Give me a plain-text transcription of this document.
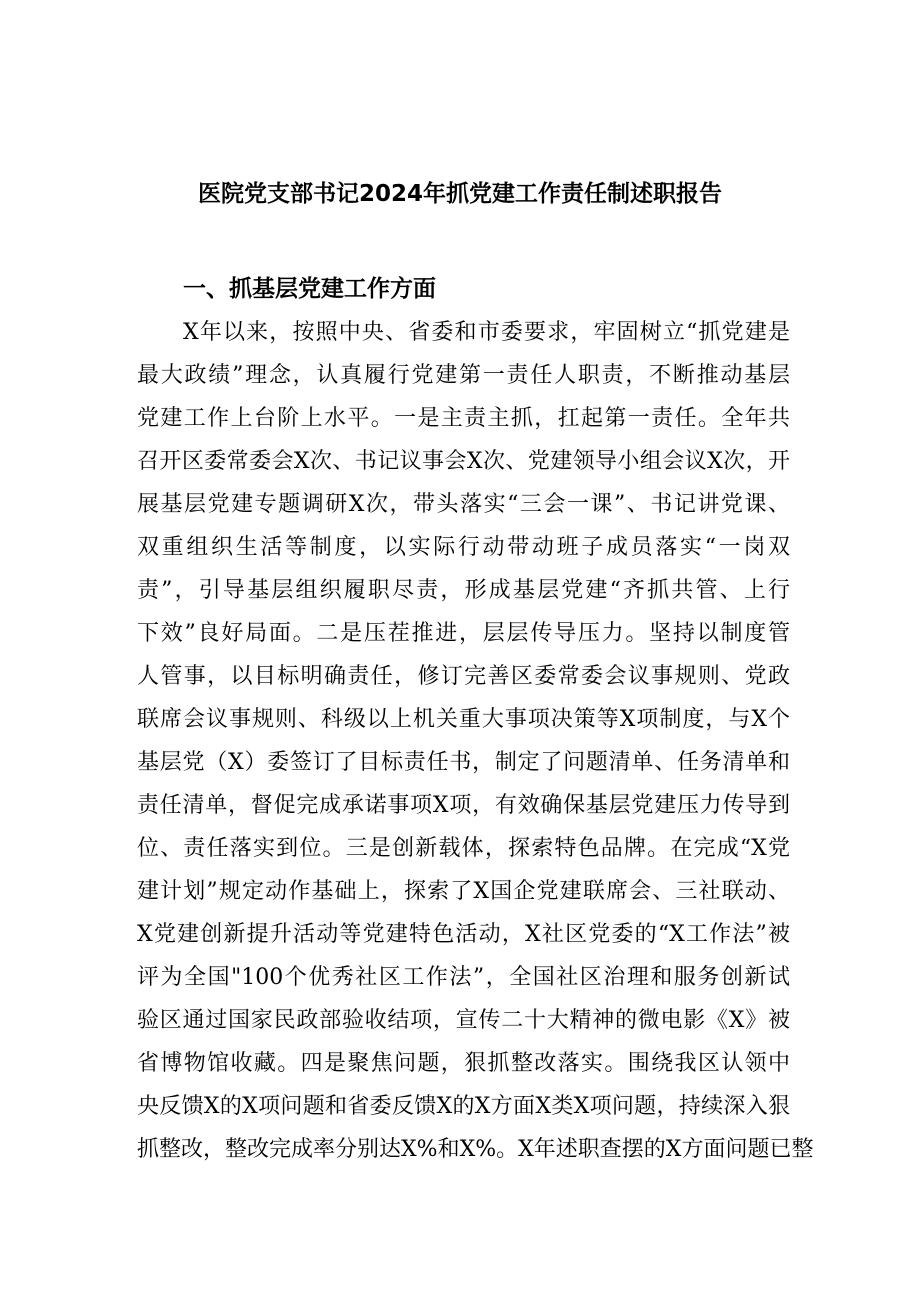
医院党支部书记2024年抓党建工作责任制述职报告
一、抓基层党建工作方面
X年以来，按照中央、省委和市委要求，牢固树立“抓党建是
最大政绩”理念，认真履行党建第一责任人职责，不断推动基层
党建工作上台阶上水平。一是主责主抓，扛起第一责任。全年共
召开区委常委会X次、书记议事会X次、党建领导小组会议X次，开
展基层党建专题调研X次，带头落实“三会一课”、书记讲党课、
双重组织生活等制度，以实际行动带动班子成员落实“一岗双
责”，引导基层组织履职尽责，形成基层党建“齐抓共管、上行
下效”良好局面。二是压茬推进，层层传导压力。坚持以制度管
人管事，以目标明确责任，修订完善区委常委会议事规则、党政
联席会议事规则、科级以上机关重大事项决策等X项制度，与X个
基层党（X）委签订了目标责任书，制定了问题清单、任务清单和
责任清单，督促完成承诺事项X项，有效确保基层党建压力传导到
位、责任落实到位。三是创新载体，探索特色品牌。在完成“X党
建计划”规定动作基础上，探索了X国企党建联席会、三社联动、
X党建创新提升活动等党建特色活动，X社区党委的“X工作法”被
评为全国"100个优秀社区工作法”，全国社区治理和服务创新试
验区通过国家民政部验收结项，宣传二十大精神的微电影《X》被
省博物馆收藏。四是聚焦问题，狠抓整改落实。围绕我区认领中
央反馈X的X项问题和省委反馈X的X方面X类X项问题，持续深入狠
抓整改，整改完成率分别达X%和X%。X年述职查摆的X方面问题已整
